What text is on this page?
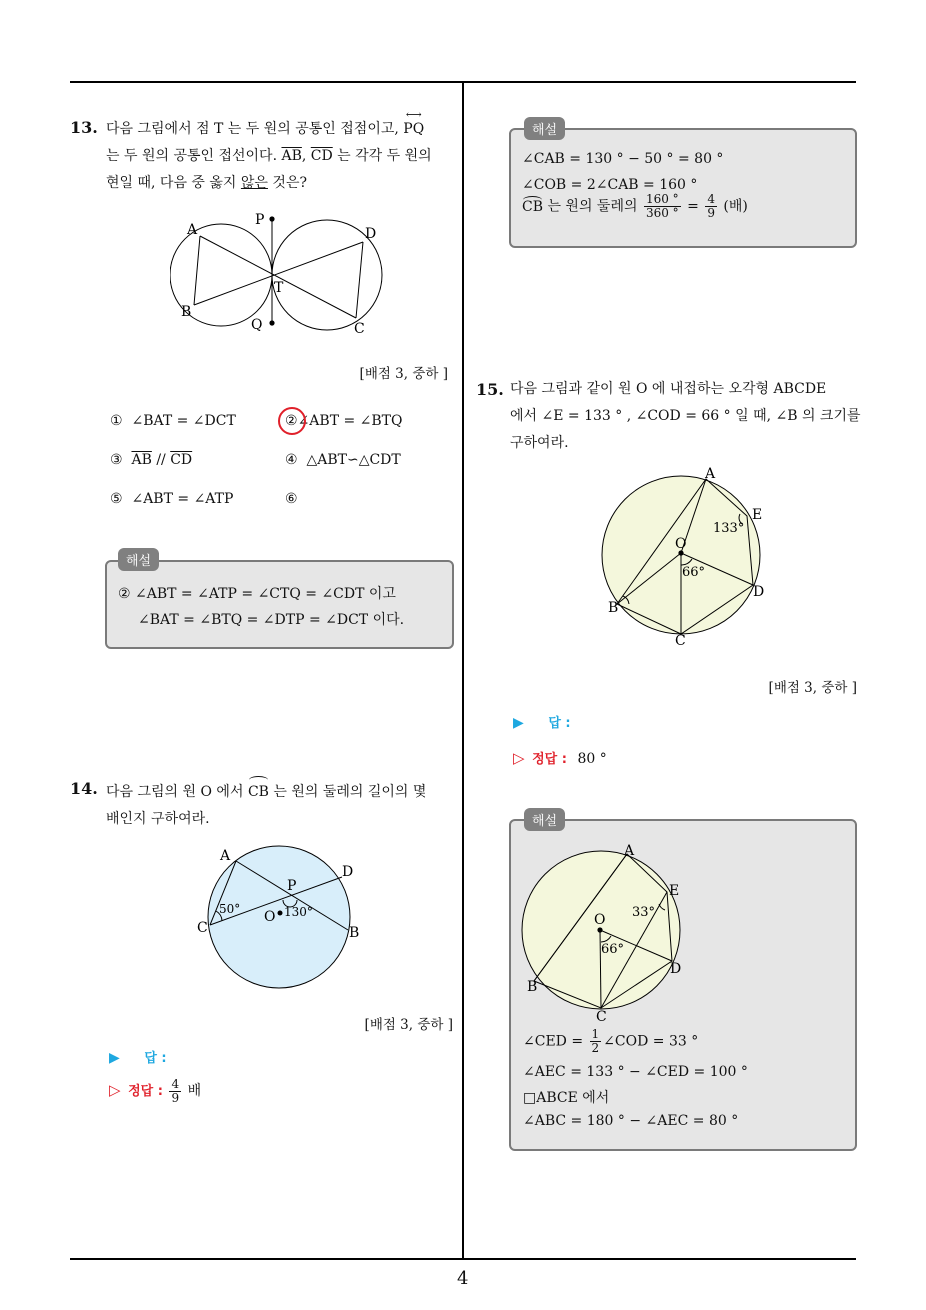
13. 다음 그림에서 점 T 는 두 원의 공통인 접점이고,
⟷
PQ
는 두 원의 공통인 접선이다. $\overline{AB}$, $\overline{CD}$ 는 각각 두 원의
현일 때, 다음 중 옳지 않은 것은?
A
B
C
D
P
Q
T
[배점 3, 중하 ]
① ∠BAT = ∠DCT	②∠ABT = ∠BTQ
③ $\overline{AB} // \overline{CD}$	④ △ABT∽△CDT
⑤ ∠ABT = ∠ATP	⑥
해설
② ∠ABT = ∠ATP = ∠CTQ = ∠CDT 이고
∠BAT = ∠BTQ = ∠DTP = ∠DCT 이다.
14. 다음 그림의 원 O 에서 CB 는 원의 둘레의 길이의 몇
배인지 구하여라.
A
B
C
D
P
O
50°	130°
[배점 3, 중하 ]
▶ 답 :
▷ 정답 : $\frac{4}{9}$ 배
해설
∠CAB = 130 ° − 50 ° = 80 °
∠COB = 2∠CAB = 160 °
CB 는 원의 둘레의 $\frac{160 ^\circ}{360 ^\circ} = \frac{4}{9}$ (배)
15. 다음 그림과 같이 원 O 에 내접하는 오각형 ABCDE
에서 ∠E = 133 ° , ∠COD = 66 ° 일 때, ∠B 의 크기를
구하여라.
A
B
C
D
E
O
133°
66°
[배점 3, 중하 ]
▶ 답 :
▷ 정답 : 80 °
해설
A
B
C
D
E
O 33°
66°
∠CED = $\frac{1}{2}$ ∠COD = 33 °
∠AEC = 133 ° − ∠CED = 100 °
□ABCE 에서
∠ABC = 180 ° − ∠AEC = 80 °
4
